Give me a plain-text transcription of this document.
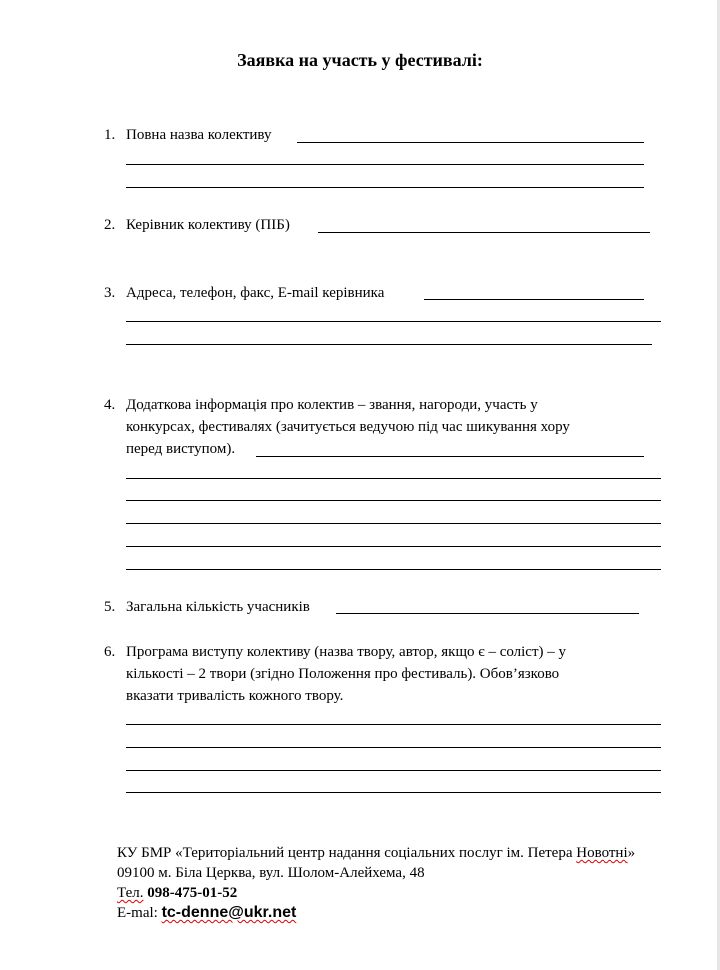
Заявка на участь у фестивалі:
1. Повна назва колективу
2. Керівник колективу (ПІБ)
3. Адреса, телефон, факс, E-mail керівника
4. Додаткова інформація про колектив – звання, нагороди, участь у
конкурсах, фестивалях (зачитується ведучою під час шикування хору
перед виступом).
5. Загальна кількість учасників
6. Програма виступу колективу (назва твору, автор, якщо є – соліст) – у
кількості – 2 твори (згідно Положення про фестиваль). Обов’язково
вказати тривалість кожного твору.
КУ БМР «Територіальний центр надання соціальних послуг ім. Петера Новотні»
09100 м. Біла Церква, вул. Шолом-Алейхема, 48
Тел. 098-475-01-52
E-mal: tc-denne@ukr.net
